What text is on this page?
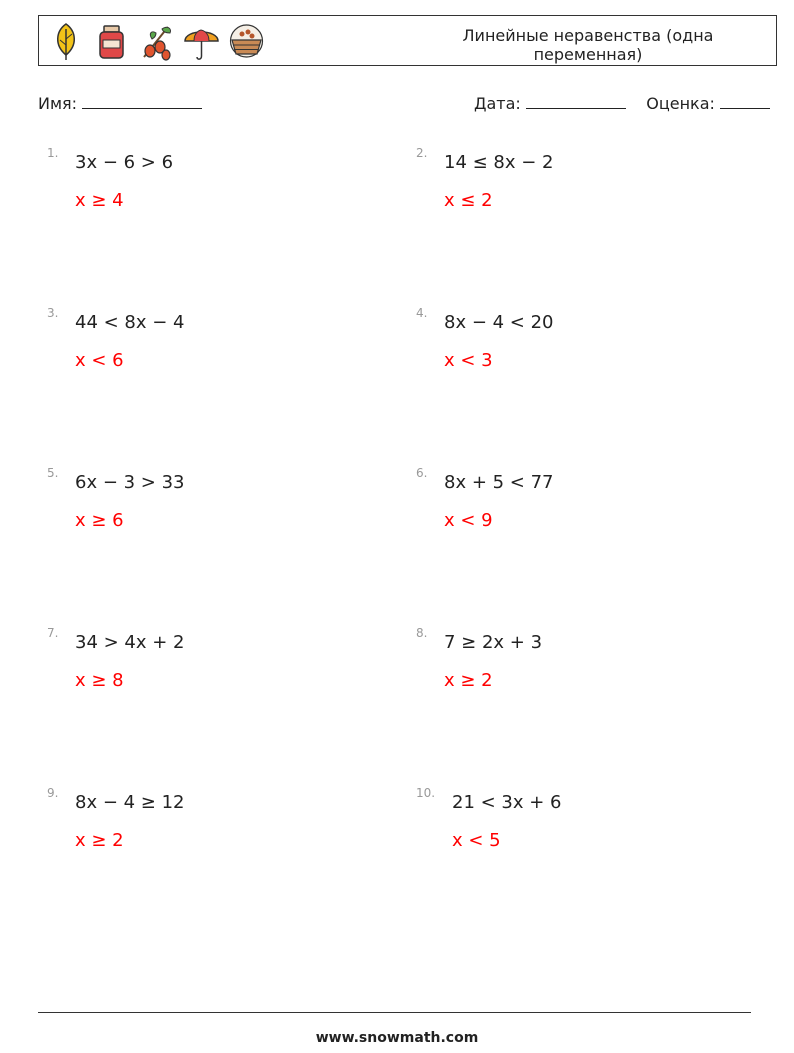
Линейные неравенства (одна переменная)
Имя:	Дата:	Оценка:
1. 3x − 6 > 6
x ≥ 4
2. 14 ≤ 8x − 2
x ≤ 2
3. 44 < 8x − 4
x < 6
4. 8x − 4 < 20
x < 3
5. 6x − 3 > 33
x ≥ 6
6. 8x + 5 < 77
x < 9
7. 34 > 4x + 2
x ≥ 8
8. 7 ≥ 2x + 3
x ≥ 2
9. 8x − 4 ≥ 12
x ≥ 2
10. 21 < 3x + 6
x < 5
www.snowmath.com
